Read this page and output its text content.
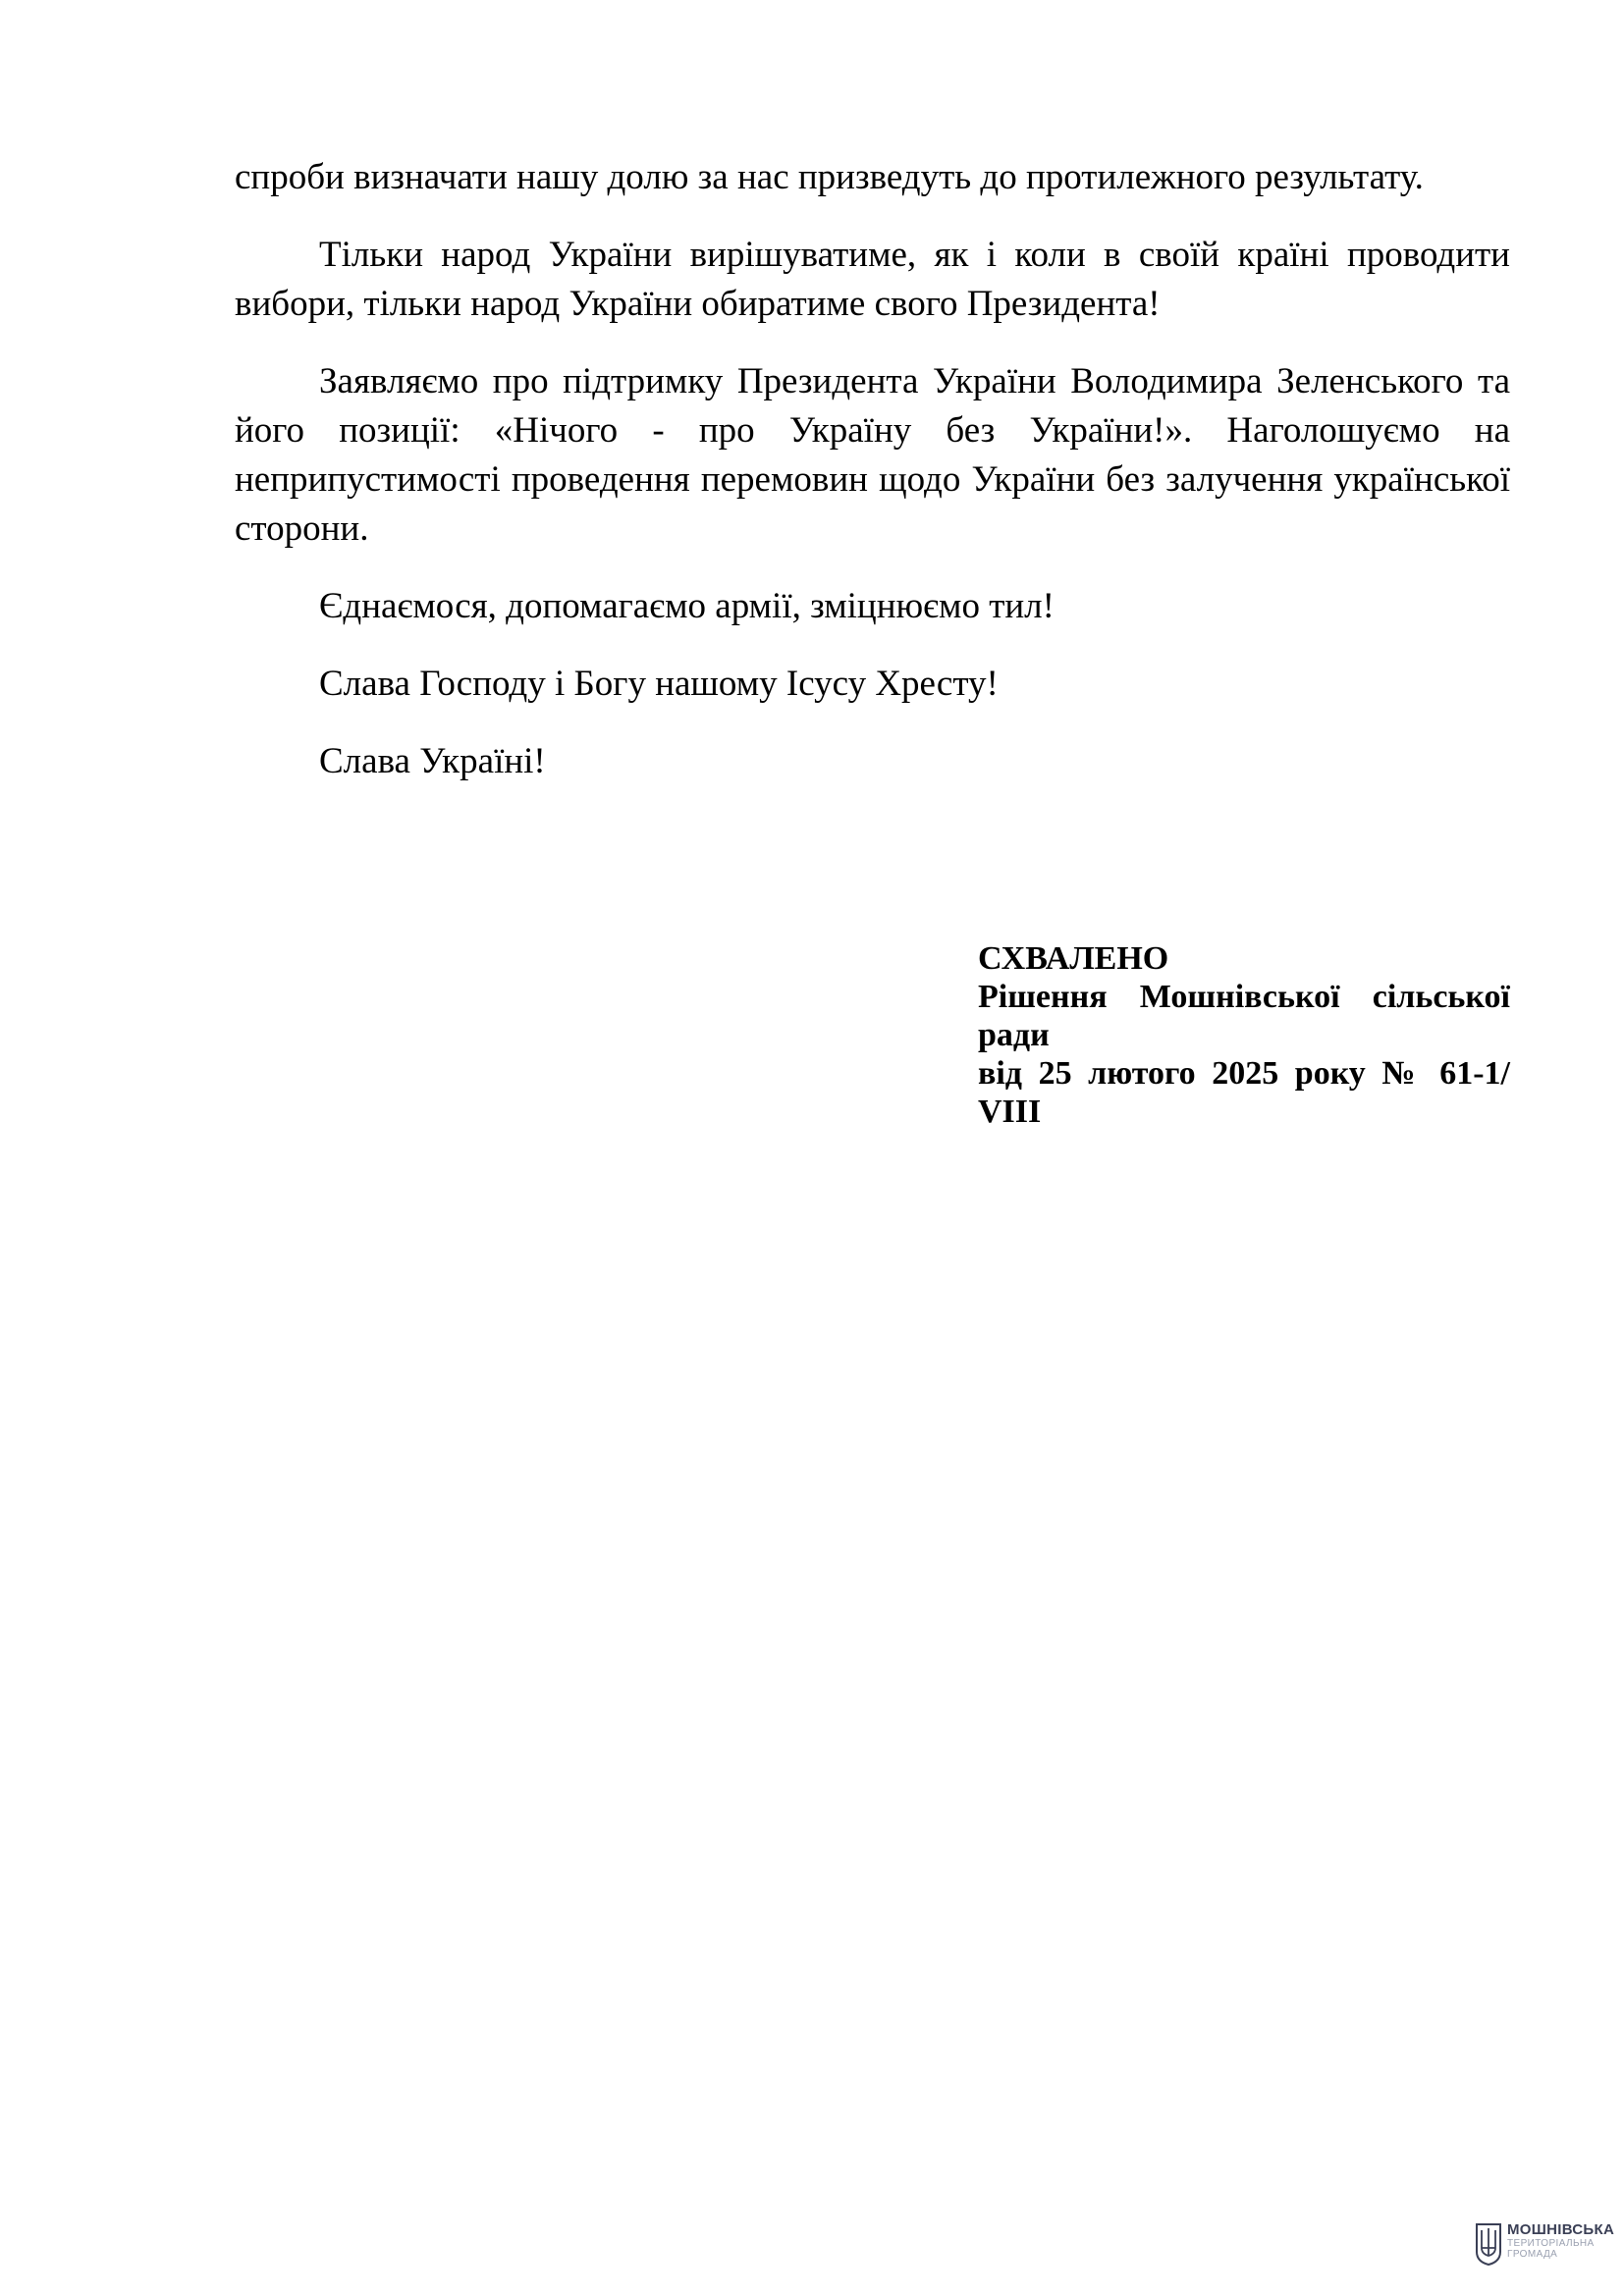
спроби визначати нашу долю за нас призведуть до протилежного результату.

Тільки народ України вирішуватиме, як і коли в своїй країні проводити вибори, тільки народ України обиратиме свого Президента!

Заявляємо про підтримку Президента України Володимира Зеленського та його позиції: «Нічого - про Україну без України!». Наголошуємо на неприпустимості проведення перемовин щодо України без залучення української сторони.

Єднаємося, допомагаємо армії, зміцнюємо тил!

Слава Господу і Богу нашому Ісусу Хресту!

Слава Україні!

СХВАЛЕНО
Рішення Мошнівської сільської
ради
від 25 лютого 2025 року № 61-1/
VIII
МОШНІВСЬКА
ТЕРИТОРІАЛЬНА
ГРОМАДА
